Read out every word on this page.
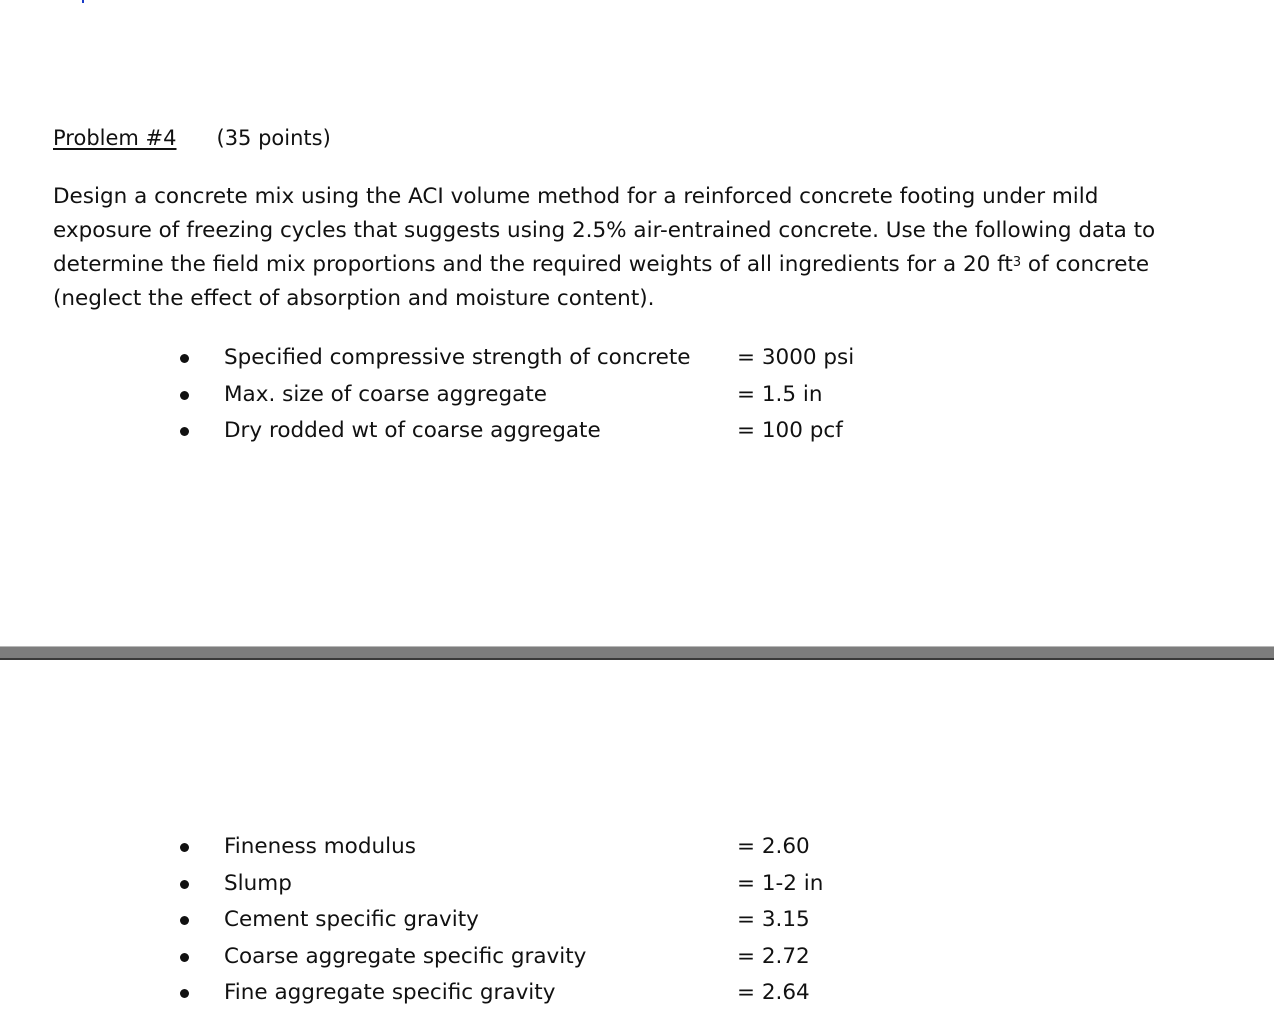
Problem #4 (35 points)

Design a concrete mix using the ACI volume method for a reinforced concrete footing under mild exposure of freezing cycles that suggests using 2.5% air-entrained concrete. Use the following data to determine the field mix proportions and the required weights of all ingredients for a 20 $ft^3$ of concrete (neglect the effect of absorption and moisture content).

Specified compressive strength of concrete = 3000 psi
Max. size of coarse aggregate	= 1.5 in
Dry rodded wt of coarse aggregate	= 100 pcf
Fineness modulus	= 2.60
Slump	= 1-2 in
Cement specific gravity	= 3.15
Coarse aggregate specific gravity	= 2.72
Fine aggregate specific gravity	= 2.64
